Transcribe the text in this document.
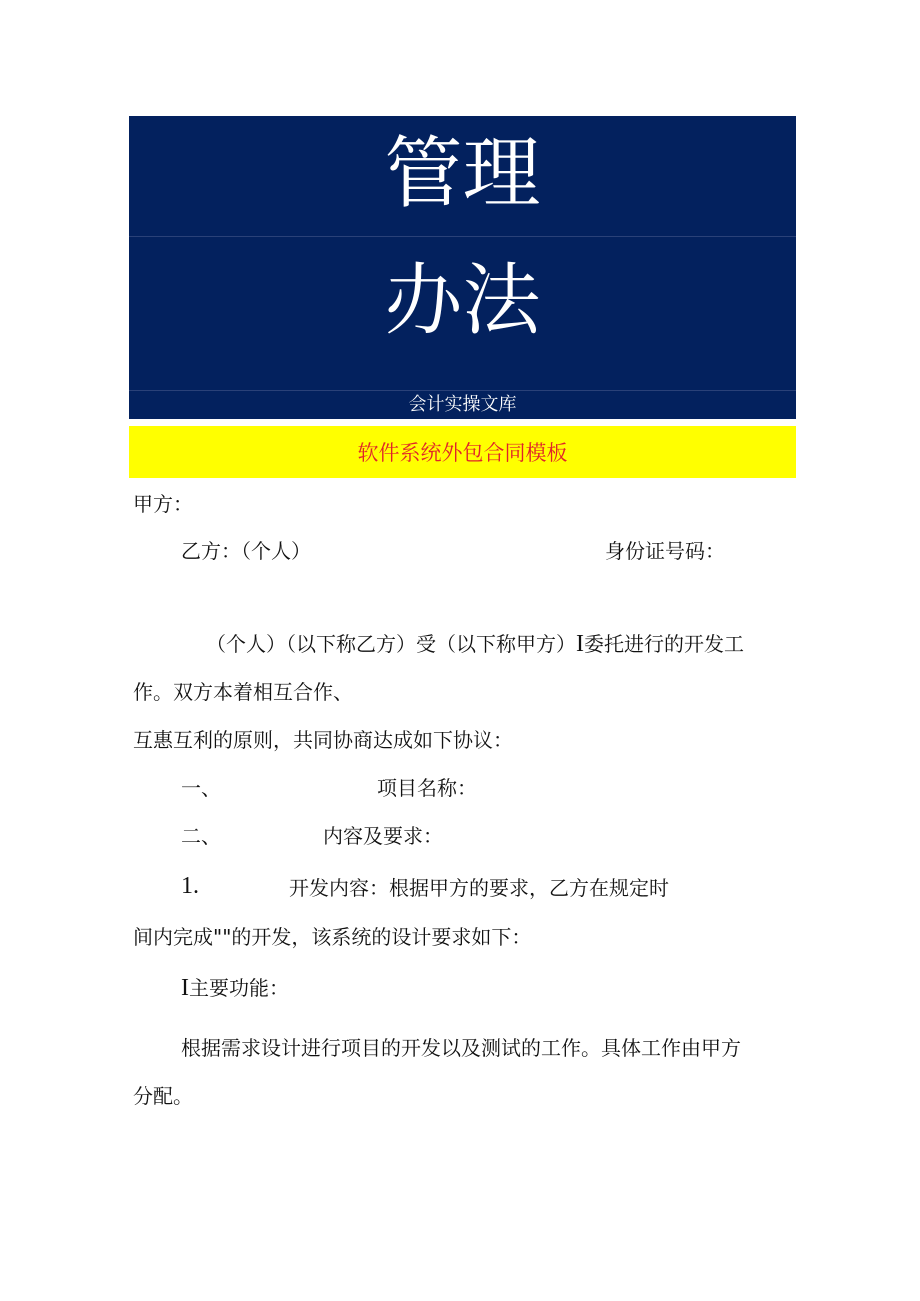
管理
办法
会计实操文库
软件系统外包合同模板
甲方：
乙方：（个人）	身份证号码：
（个人）（以下称乙方）受（以下称甲方）I委托进行的开发工
作。双方本着相互合作、
互惠互利的原则，共同协商达成如下协议：
一、	项目名称：
二、	内容及要求：
1.	开发内容：根据甲方的要求，乙方在规定时
间内完成""的开发，该系统的设计要求如下：
I主要功能：
根据需求设计进行项目的开发以及测试的工作。具体工作由甲方
分配。
